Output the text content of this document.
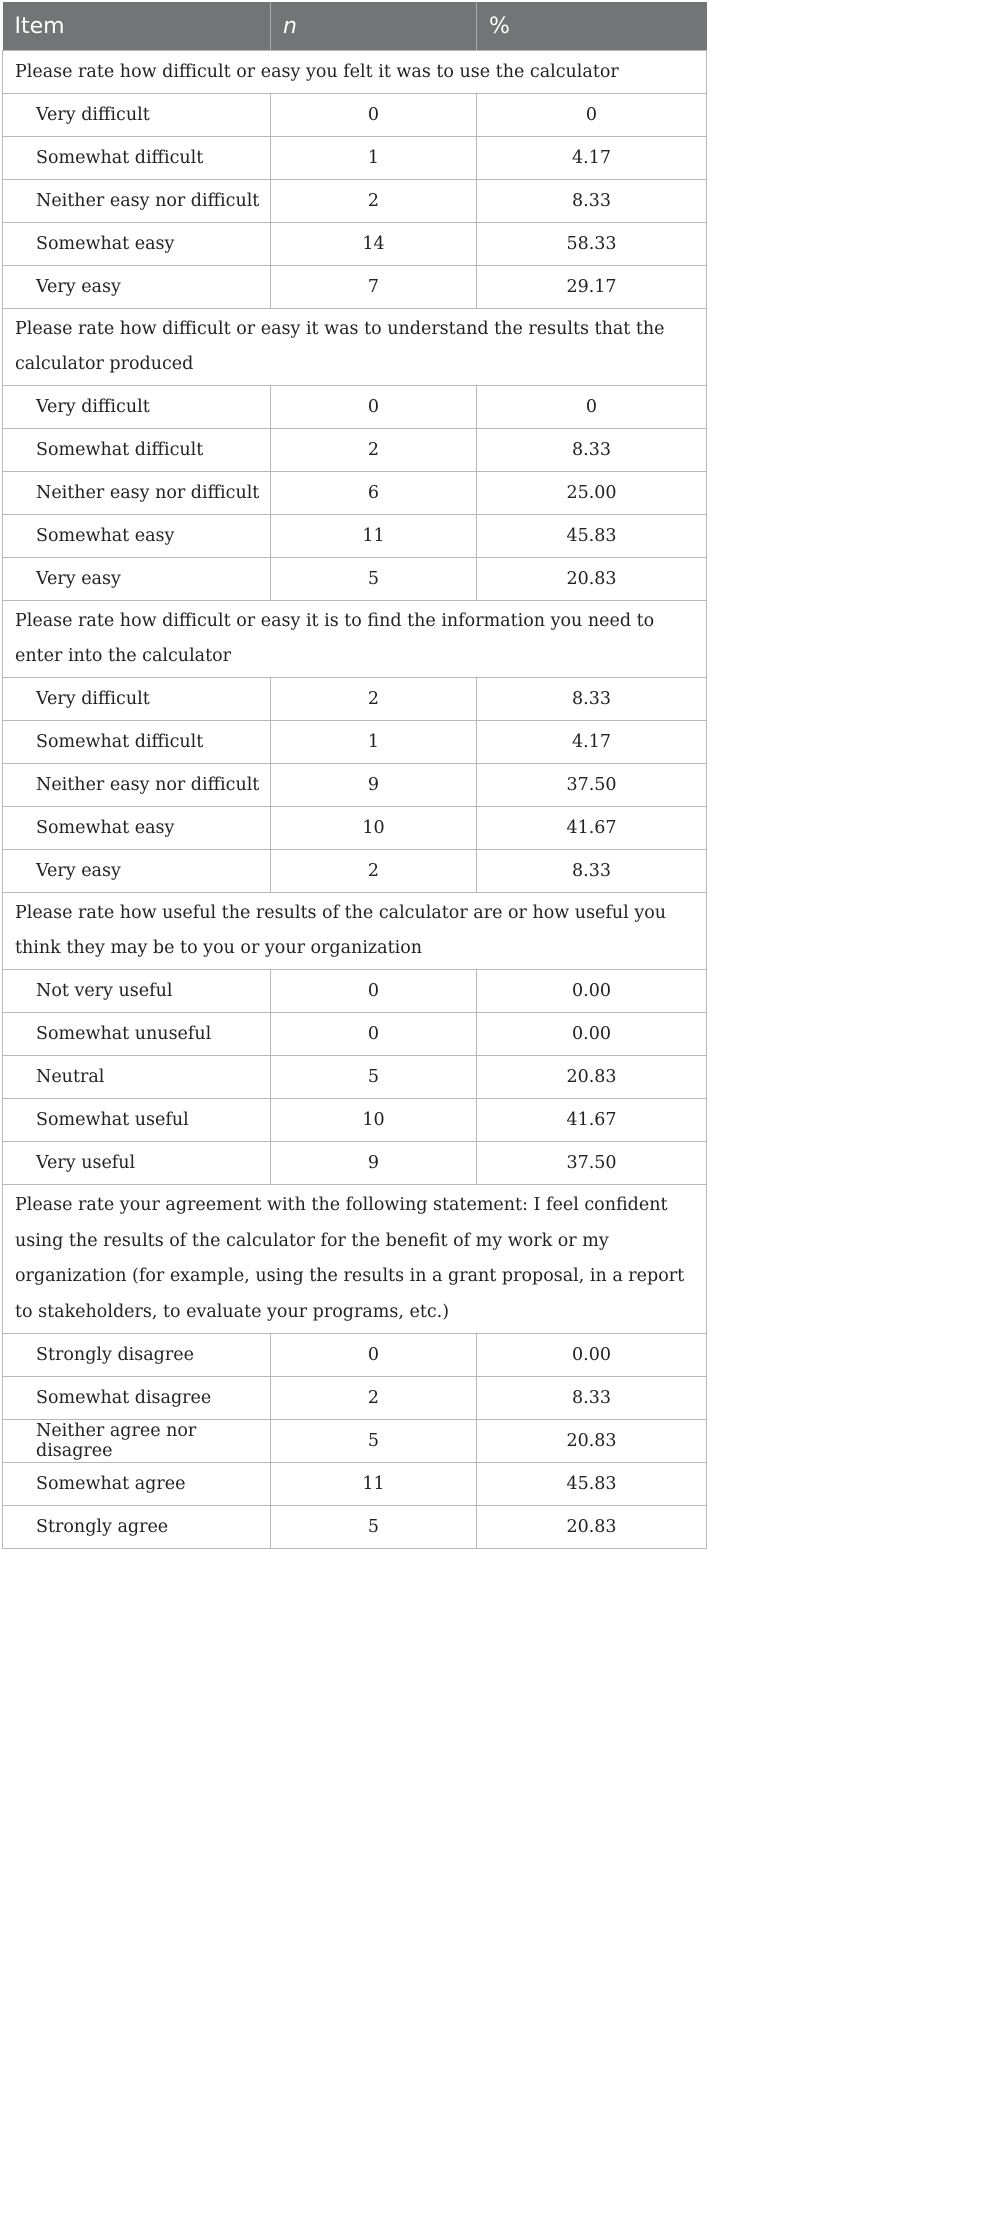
Item	n	%
Please rate how difficult or easy you felt it was to use the calculator		
Very difficult	0	0
Somewhat difficult	1	4.17
Neither easy nor difficult	2	8.33
Somewhat easy	14	58.33
Very easy	7	29.17
Please rate how difficult or easy it was to understand the results that the calculator produced		
Very difficult	0	0
Somewhat difficult	2	8.33
Neither easy nor difficult	6	25.00
Somewhat easy	11	45.83
Very easy	5	20.83
Please rate how difficult or easy it is to find the information you need to enter into the calculator		
Very difficult	2	8.33
Somewhat difficult	1	4.17
Neither easy nor difficult	9	37.50
Somewhat easy	10	41.67
Very easy	2	8.33
Please rate how useful the results of the calculator are or how useful you think they may be to you or your organization		
Not very useful	0	0.00
Somewhat unuseful	0	0.00
Neutral	5	20.83
Somewhat useful	10	41.67
Very useful	9	37.50
Please rate your agreement with the following statement: I feel confident using the results of the calculator for the benefit of my work or my organization (for example, using the results in a grant proposal, in a report to stakeholders, to evaluate your programs, etc.)		
Strongly disagree	0	0.00
Somewhat disagree	2	8.33
Neither agree nor disagree	5	20.83
Somewhat agree	11	45.83
Strongly agree	5	20.83
